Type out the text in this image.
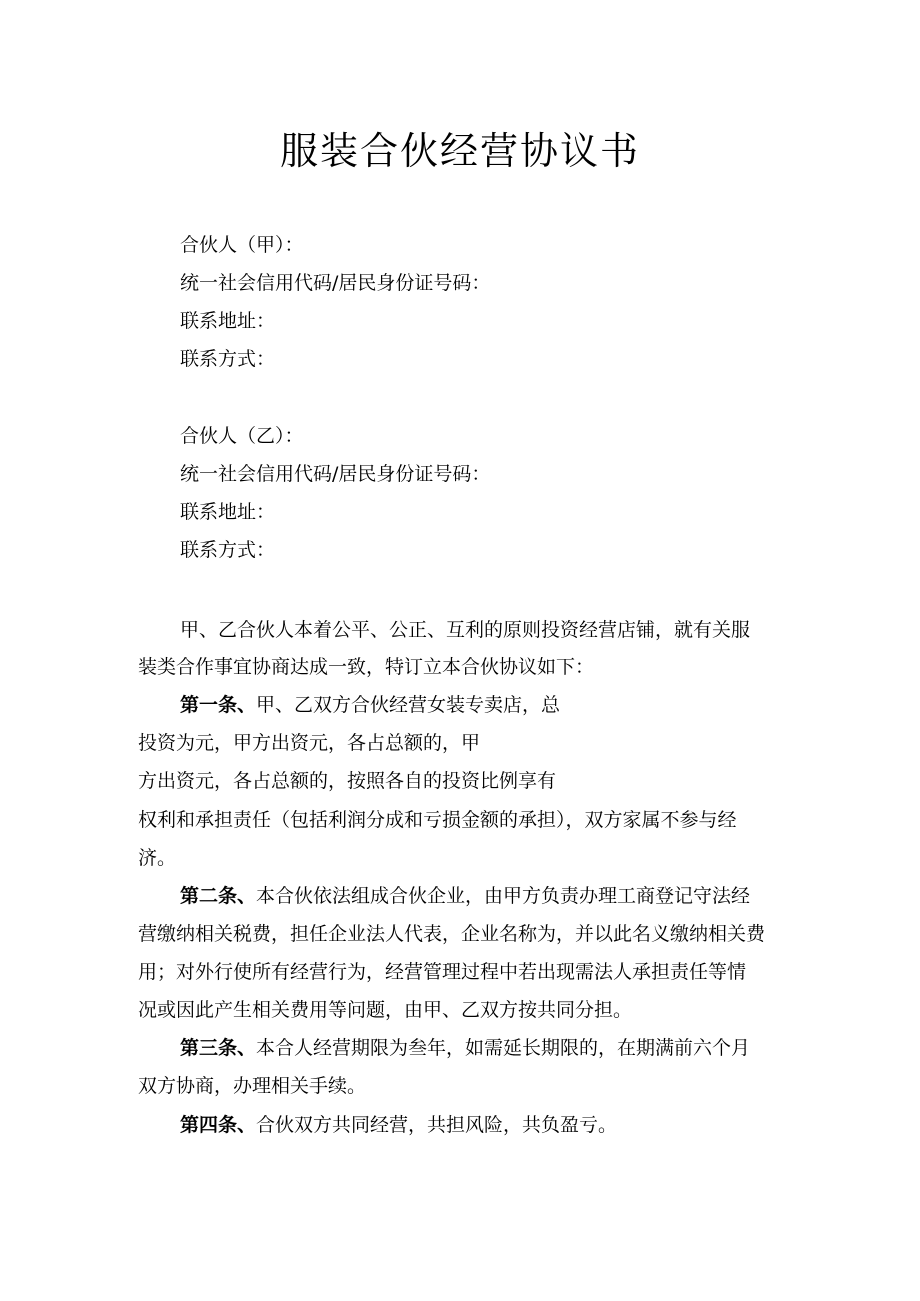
服装合伙经营协议书
合伙人（甲）：
统一社会信用代码/居民身份证号码：
联系地址：
联系方式：
合伙人（乙）：
统一社会信用代码/居民身份证号码：
联系地址：
联系方式：
甲、乙合伙人本着公平、公正、互利的原则投资经营店铺，就有关服
装类合作事宜协商达成一致，特订立本合伙协议如下：
第一条、甲、乙双方合伙经营女装专卖店，总
投资为元，甲方出资元，各占总额的，甲
方出资元，各占总额的，按照各自的投资比例享有
权利和承担责任（包括利润分成和亏损金额的承担），双方家属不参与经
济。
第二条、本合伙依法组成合伙企业，由甲方负责办理工商登记守法经
营缴纳相关税费，担任企业法人代表，企业名称为，并以此名义缴纳相关费
用；对外行使所有经营行为，经营管理过程中若出现需法人承担责任等情
况或因此产生相关费用等问题，由甲、乙双方按共同分担。
第三条、本合人经营期限为叁年，如需延长期限的，在期满前六个月
双方协商，办理相关手续。
第四条、合伙双方共同经营，共担风险，共负盈亏。
